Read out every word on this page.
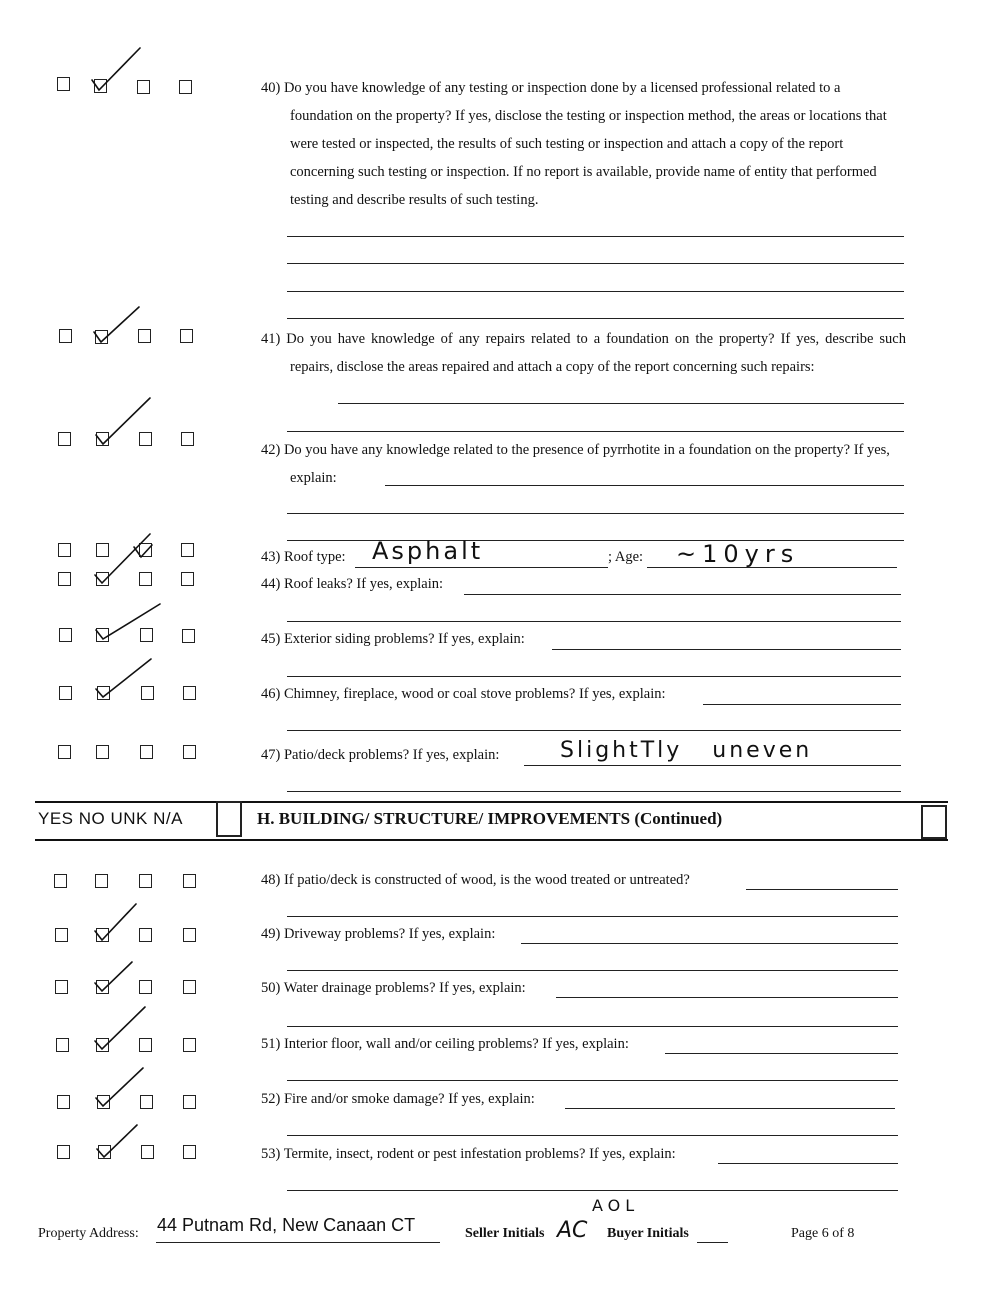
40) Do you have knowledge of any testing or inspection done by a licensed professional related to a foundation on the property? If yes, disclose the testing or inspection method, the areas or locations that were tested or inspected, the results of such testing or inspection and attach a copy of the report concerning such testing or inspection. If no report is available, provide name of entity that performed testing and describe results of such testing.
41) Do you have knowledge of any repairs related to a foundation on the property? If yes, describe such repairs, disclose the areas repaired and attach a copy of the report concerning such repairs:
42) Do you have any knowledge related to the presence of pyrrhotite in a foundation on the property? If yes, explain:
43) Roof type:	Asphalt	; Age:	~10yrs
44) Roof leaks? If yes, explain:
45) Exterior siding problems? If yes, explain:
46) Chimney, fireplace, wood or coal stove problems? If yes, explain:
47) Patio/deck problems? If yes, explain:	SlightTly uneven
YES NO UNK N/A	H. BUILDING/ STRUCTURE/ IMPROVEMENTS (Continued)
48) If patio/deck is constructed of wood, is the wood treated or untreated?
49) Driveway problems? If yes, explain:
50) Water drainage problems? If yes, explain:
51) Interior floor, wall and/or ceiling problems? If yes, explain:
52) Fire and/or smoke damage? If yes, explain:
53) Termite, insect, rodent or pest infestation problems? If yes, explain:
Property Address: 44 Putnam Rd, New Canaan CT	Seller Initials AC
AOL
Buyer Initials	Page 6 of 8
